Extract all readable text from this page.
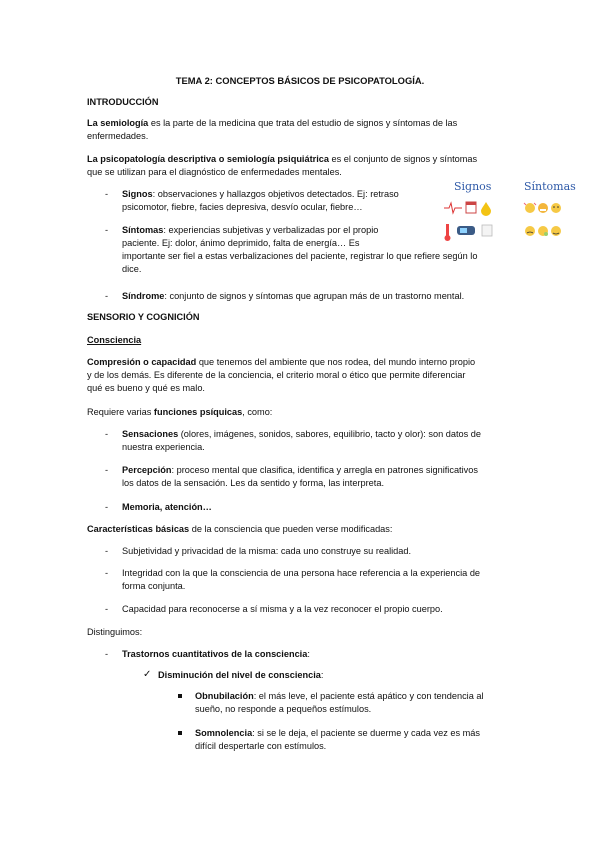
TEMA 2: CONCEPTOS BÁSICOS DE PSICOPATOLOGÍA.
INTRODUCCIÓN
La semiología es la parte de la medicina que trata del estudio de signos y síntomas de las
enfermedades.
La psicopatología descriptiva o semiología psiquiátrica es el conjunto de signos y síntomas
que se utilizan para el diagnóstico de enfermedades mentales.
-	Signos: observaciones y hallazgos objetivos detectados. Ej: retraso
psicomotor, fiebre, facies depresiva, desvío ocular, fiebre…
-	Síntomas: experiencias subjetivas y verbalizadas por el propio
paciente. Ej: dolor, ánimo deprimido, falta de energía… Es
importante ser fiel a estas verbalizaciones del paciente, registrar lo que refiere según lo
dice.
-	Síndrome: conjunto de signos y síntomas que agrupan más de un trastorno mental.
Signos	Síntomas
SENSORIO Y COGNICIÓN
Consciencia
Compresión o capacidad que tenemos del ambiente que nos rodea, del mundo interno propio
y de los demás. Es diferente de la conciencia, el criterio moral o ético que permite diferenciar
qué es bueno y qué es malo.
Requiere varias funciones psíquicas, como:
-	Sensaciones (olores, imágenes, sonidos, sabores, equilibrio, tacto y olor): son datos de
nuestra experiencia.
-	Percepción: proceso mental que clasifica, identifica y arregla en patrones significativos
los datos de la sensación. Les da sentido y forma, las interpreta.
-	Memoria, atención…
Características básicas de la consciencia que pueden verse modificadas:
-	Subjetividad y privacidad de la misma: cada uno construye su realidad.
-	Integridad con la que la consciencia de una persona hace referencia a la experiencia de
forma conjunta.
-	Capacidad para reconocerse a sí misma y a la vez reconocer el propio cuerpo.
Distinguimos:
-	Trastornos cuantitativos de la consciencia:
✓ Disminución del nivel de consciencia:
Obnubilación: el más leve, el paciente está apático y con tendencia al
sueño, no responde a pequeños estímulos.
Somnolencia: si se le deja, el paciente se duerme y cada vez es más
difícil despertarle con estímulos.
